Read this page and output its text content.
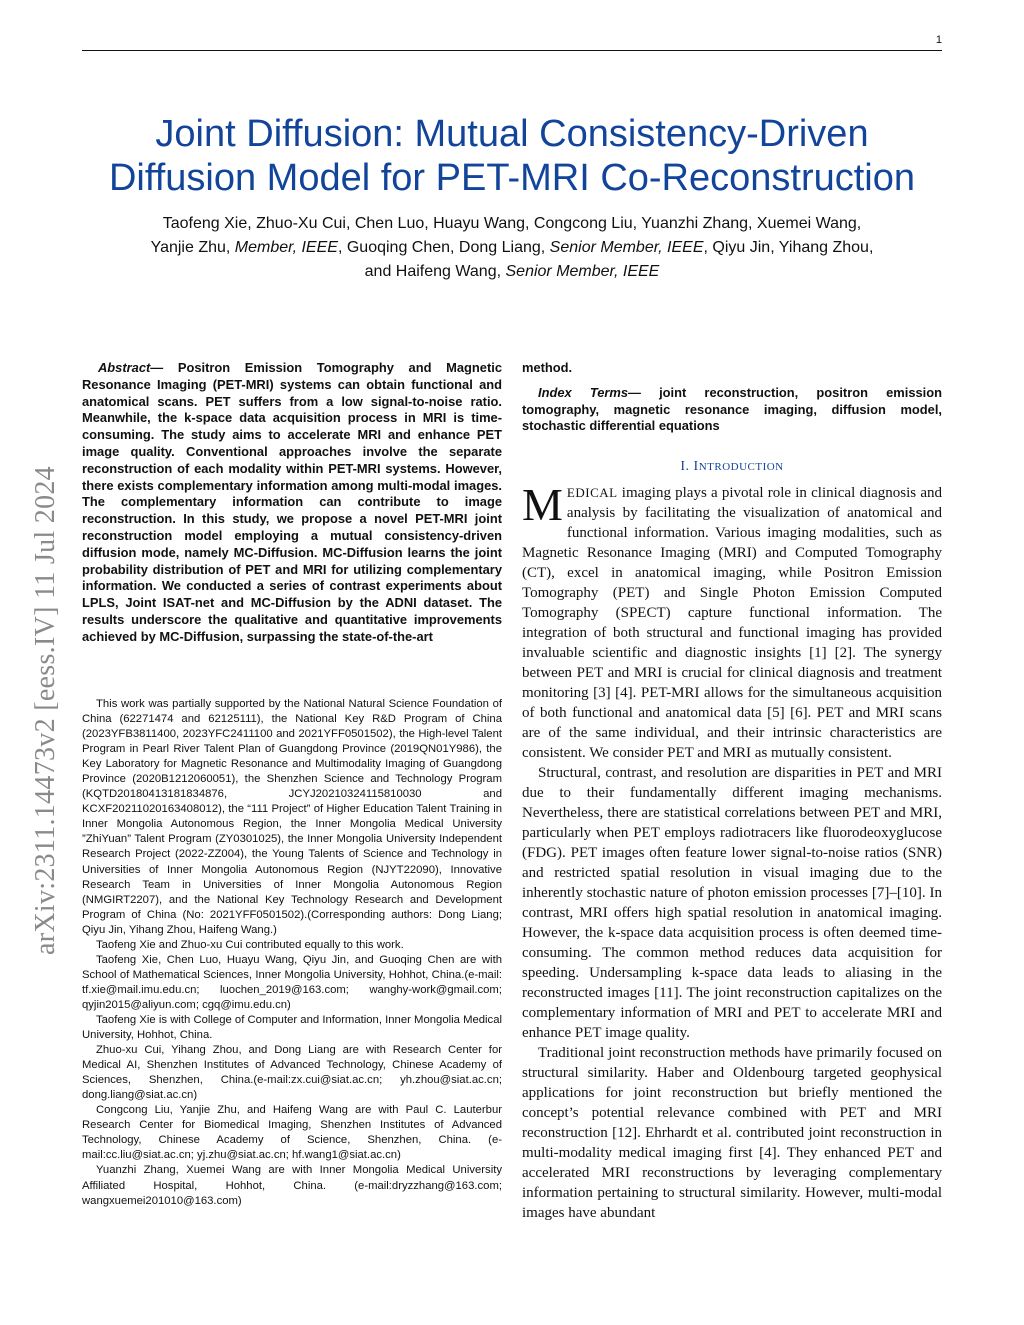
1
Joint Diffusion: Mutual Consistency-Driven
Diffusion Model for PET-MRI Co-Reconstruction

Taofeng Xie, Zhuo-Xu Cui, Chen Luo, Huayu Wang, Congcong Liu, Yuanzhi Zhang, Xuemei Wang,
Yanjie Zhu, Member, IEEE, Guoqing Chen, Dong Liang, Senior Member, IEEE, Qiyu Jin, Yihang Zhou,
and Haifeng Wang, Senior Member, IEEE

arXiv:2311.14473v2 [eess.IV] 11 Jul 2024

Abstract— Positron Emission Tomography and Magnetic Resonance Imaging (PET-MRI) systems can obtain functional and anatomical scans. PET suffers from a low signal-to-noise ratio. Meanwhile, the k-space data acquisition process in MRI is time-consuming. The study aims to accelerate MRI and enhance PET image quality. Conventional approaches involve the separate reconstruction of each modality within PET-MRI systems. However, there exists complementary information among multi-modal images. The complementary information can contribute to image reconstruction. In this study, we propose a novel PET-MRI joint reconstruction model employing a mutual consistency-driven diffusion mode, namely MC-Diffusion. MC-Diffusion learns the joint probability distribution of PET and MRI for utilizing complementary information. We conducted a series of contrast experiments about LPLS, Joint ISAT-net and MC-Diffusion by the ADNI dataset. The results underscore the qualitative and quantitative improvements achieved by MC-Diffusion, surpassing the state-of-the-art

This work was partially supported by the National Natural Science Foundation of China (62271474 and 62125111), the National Key R&D Program of China (2023YFB3811400, 2023YFC2411100 and 2021YFF0501502), the High-level Talent Program in Pearl River Talent Plan of Guangdong Province (2019QN01Y986), the Key Laboratory for Magnetic Resonance and Multimodality Imaging of Guangdong Province (2020B1212060051), the Shenzhen Science and Technology Program (KQTD20180413181834876, JCYJ20210324115810030 and KCXF20211020163408012), the “111 Project” of Higher Education Talent Training in Inner Mongolia Autonomous Region, the Inner Mongolia Medical University ”ZhiYuan” Talent Program (ZY0301025), the Inner Mongolia University Independent Research Project (2022-ZZ004), the Young Talents of Science and Technology in Universities of Inner Mongolia Autonomous Region (NJYT22090), Innovative Research Team in Universities of Inner Mongolia Autonomous Region (NMGIRT2207), and the National Key Technology Research and Development Program of China (No: 2021YFF0501502).(Corresponding authors: Dong Liang; Qiyu Jin, Yihang Zhou, Haifeng Wang.)

Taofeng Xie and Zhuo-xu Cui contributed equally to this work.

Taofeng Xie, Chen Luo, Huayu Wang, Qiyu Jin, and Guoqing Chen are with School of Mathematical Sciences, Inner Mongolia University, Hohhot, China.(e-mail: tf.xie@mail.imu.edu.cn; luochen_2019@163.com; wanghy-work@gmail.com; qyjin2015@aliyun.com; cgq@imu.edu.cn)

Taofeng Xie is with College of Computer and Information, Inner Mongolia Medical University, Hohhot, China.

Zhuo-xu Cui, Yihang Zhou, and Dong Liang are with Research Center for Medical AI, Shenzhen Institutes of Advanced Technology, Chinese Academy of Sciences, Shenzhen, China.(e-mail:zx.cui@siat.ac.cn; yh.zhou@siat.ac.cn; dong.liang@siat.ac.cn)

Congcong Liu, Yanjie Zhu, and Haifeng Wang are with Paul C. Lauterbur Research Center for Biomedical Imaging, Shenzhen Institutes of Advanced Technology, Chinese Academy of Science, Shenzhen, China. (e-mail:cc.liu@siat.ac.cn; yj.zhu@siat.ac.cn; hf.wang1@siat.ac.cn)

Yuanzhi Zhang, Xuemei Wang are with Inner Mongolia Medical University Affiliated Hospital, Hohhot, China. (e-mail:dryzzhang@163.com; wangxuemei201010@163.com)

method.

Index Terms— joint reconstruction, positron emission tomography, magnetic resonance imaging, diffusion model, stochastic differential equations

I. INTRODUCTION

MEDICAL imaging plays a pivotal role in clinical diagnosis and analysis by facilitating the visualization of anatomical and functional information. Various imaging modalities, such as Magnetic Resonance Imaging (MRI) and Computed Tomography (CT), excel in anatomical imaging, while Positron Emission Tomography (PET) and Single Photon Emission Computed Tomography (SPECT) capture functional information. The integration of both structural and functional imaging has provided invaluable scientific and diagnostic insights [1] [2]. The synergy between PET and MRI is crucial for clinical diagnosis and treatment monitoring [3] [4]. PET-MRI allows for the simultaneous acquisition of both functional and anatomical data [5] [6]. PET and MRI scans are of the same individual, and their intrinsic characteristics are consistent. We consider PET and MRI as mutually consistent.

Structural, contrast, and resolution are disparities in PET and MRI due to their fundamentally different imaging mechanisms. Nevertheless, there are statistical correlations between PET and MRI, particularly when PET employs radiotracers like fluorodeoxyglucose (FDG). PET images often feature lower signal-to-noise ratios (SNR) and restricted spatial resolution in visual imaging due to the inherently stochastic nature of photon emission processes [7]–[10]. In contrast, MRI offers high spatial resolution in anatomical imaging. However, the k-space data acquisition process is often deemed time-consuming. The common method reduces data acquisition for speeding. Undersampling k-space data leads to aliasing in the reconstructed images [11]. The joint reconstruction capitalizes on the complementary information of MRI and PET to accelerate MRI and enhance PET image quality.

Traditional joint reconstruction methods have primarily focused on structural similarity. Haber and Oldenbourg targeted geophysical applications for joint reconstruction but briefly mentioned the concept’s potential relevance combined with PET and MRI reconstruction [12]. Ehrhardt et al. contributed joint reconstruction in multi-modality medical imaging first [4]. They enhanced PET and accelerated MRI reconstructions by leveraging complementary information pertaining to structural similarity. However, multi-modal images have abundant
